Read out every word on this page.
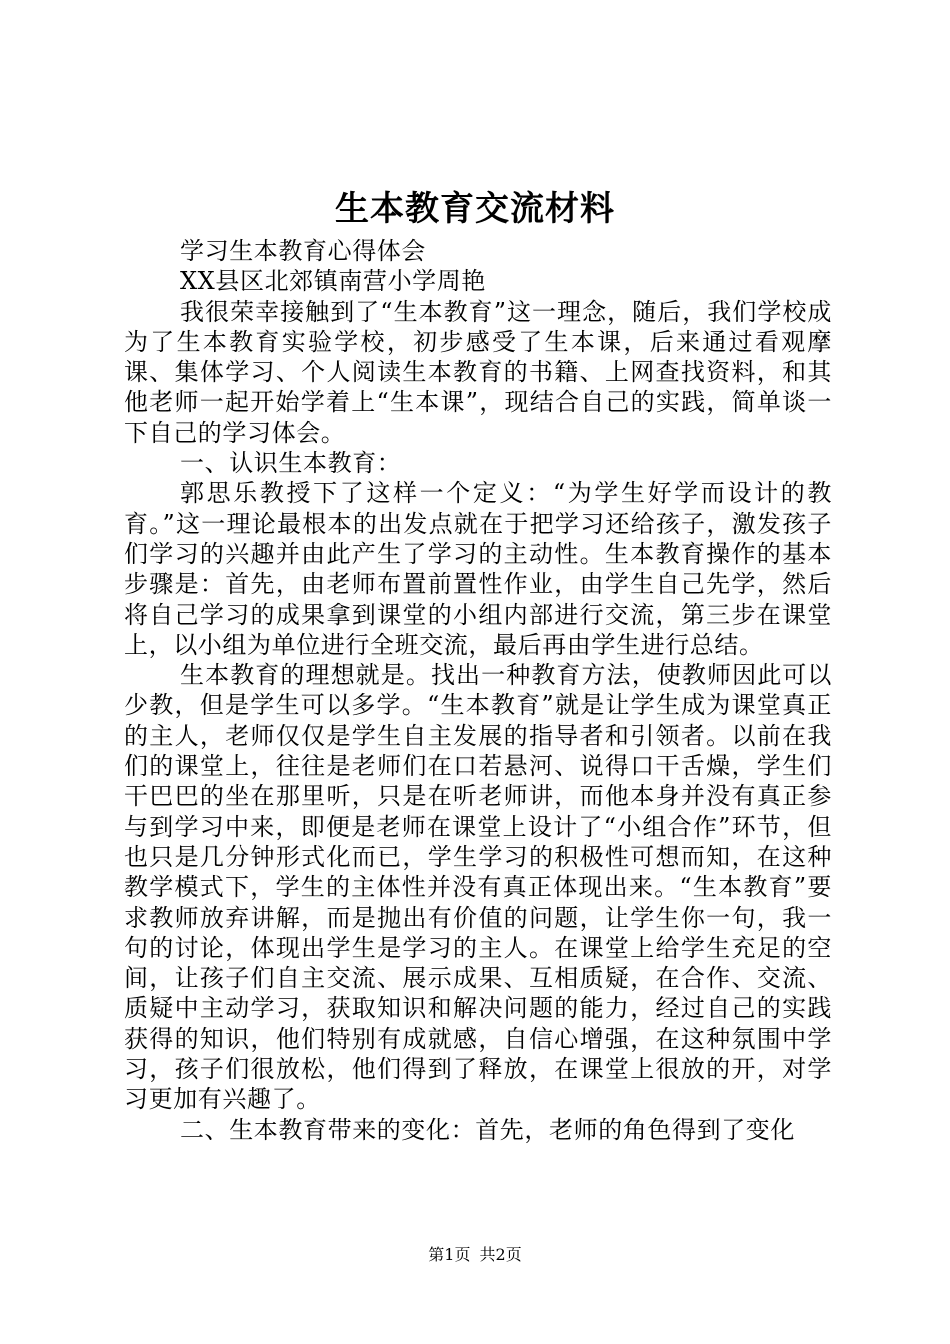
生本教育交流材料

学习生本教育心得体会

XX县区北郊镇南营小学周艳

我很荣幸接触到了“生本教育”这一理念，随后，我们学校成为了生本教育实验学校，初步感受了生本课，后来通过看观摩课、集体学习、个人阅读生本教育的书籍、上网查找资料，和其他老师一起开始学着上“生本课”，现结合自己的实践，简单谈一下自己的学习体会。

一、认识生本教育：

郭思乐教授下了这样一个定义：“为学生好学而设计的教育。”这一理论最根本的出发点就在于把学习还给孩子，激发孩子们学习的兴趣并由此产生了学习的主动性。生本教育操作的基本步骤是：首先，由老师布置前置性作业，由学生自己先学，然后将自己学习的成果拿到课堂的小组内部进行交流，第三步在课堂上，以小组为单位进行全班交流，最后再由学生进行总结。

生本教育的理想就是。找出一种教育方法，使教师因此可以少教，但是学生可以多学。“生本教育”就是让学生成为课堂真正的主人，老师仅仅是学生自主发展的指导者和引领者。以前在我们的课堂上，往往是老师们在口若悬河、说得口干舌燥，学生们干巴巴的坐在那里听，只是在听老师讲，而他本身并没有真正参与到学习中来，即便是老师在课堂上设计了“小组合作”环节，但也只是几分钟形式化而已，学生学习的积极性可想而知，在这种教学模式下，学生的主体性并没有真正体现出来。“生本教育”要求教师放弃讲解，而是抛出有价值的问题，让学生你一句，我一句的讨论，体现出学生是学习的主人。在课堂上给学生充足的空间，让孩子们自主交流、展示成果、互相质疑，在合作、交流、质疑中主动学习，获取知识和解决问题的能力，经过自己的实践获得的知识，他们特别有成就感，自信心增强，在这种氛围中学习，孩子们很放松，他们得到了释放，在课堂上很放的开，对学习更加有兴趣了。

二、生本教育带来的变化：首先，老师的角色得到了变化

第1页 共2页
